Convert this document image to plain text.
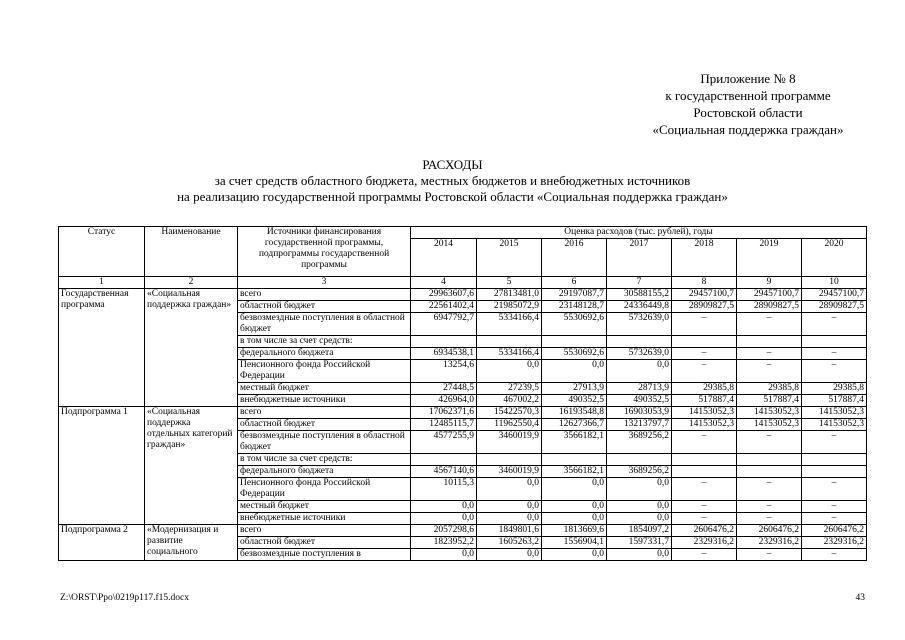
Приложение № 8
к государственной программе
Ростовской области
«Социальная поддержка граждан»
РАСХОДЫ
за счет средств областного бюджета, местных бюджетов и внебюджетных источников
на реализацию государственной программы Ростовской области «Социальная поддержка граждан»
Статус	Наименование	Источники финансирования государственной программы, подпрограммы государственной программы	Оценка расходов (тыс. рублей), годы						
			2014	2015	2016	2017	2018	2019	2020
1	2	3	4	5	6	7	8	9	10
Государственная программа	«Социальная поддержка граждан»	всего	29963607,6	27813481,0	29197087,7	30588155,2	29457100,7	29457100,7	29457100,7
		областной бюджет	22561402,4	21985072,9	23148128,7	24336449,8	28909827,5	28909827,5	28909827,5
		безвозмездные поступления в областной бюджет	6947792,7	5334166,4	5530692,6	5732639,0	–	–	–
		в том числе за счет средств:							
		федерального бюджета	6934538,1	5334166,4	5530692,6	5732639,0	–	–	–
		Пенсионного фонда Российской Федерации	13254,6	0,0	0,0	0,0	–	–	–
		местный бюджет	27448,5	27239,5	27913,9	28713,9	29385,8	29385,8	29385,8
		внебюджетные источники	426964,0	467002,2	490352,5	490352,5	517887,4	517887,4	517887,4
Подпрограмма 1	«Социальная поддержка отдельных категорий граждан»	всего	17062371,6	15422570,3	16193548,8	16903053,9	14153052,3	14153052,3	14153052,3
		областной бюджет	12485115,7	11962550,4	12627366,7	13213797,7	14153052,3	14153052,3	14153052,3
		безвозмездные поступления в областной бюджет	4577255,9	3460019,9	3566182,1	3689256,2	–	–	–
		в том числе за счет средств:							
		федерального бюджета	4567140,6	3460019,9	3566182,1	3689256,2			
		Пенсионного фонда Российской Федерации	10115,3	0,0	0,0	0,0	–	–	–
		местный бюджет	0,0	0,0	0,0	0,0	–	–	–
		внебюджетные источники	0,0	0,0	0,0	0,0	–	–	–
Подпрограмма 2	«Модернизация и развитие социального	всего	2057298,6	1849801,6	1813669,6	1854097,2	2606476,2	2606476,2	2606476,2
		областной бюджет	1823952,2	1605263,2	1556904,1	1597331,7	2329316,2	2329316,2	2329316,2
		безвозмездные поступления в	0,0	0,0	0,0	0,0	–	–	–
Z:\ORST\Ppo\0219p117.f15.docx	43
